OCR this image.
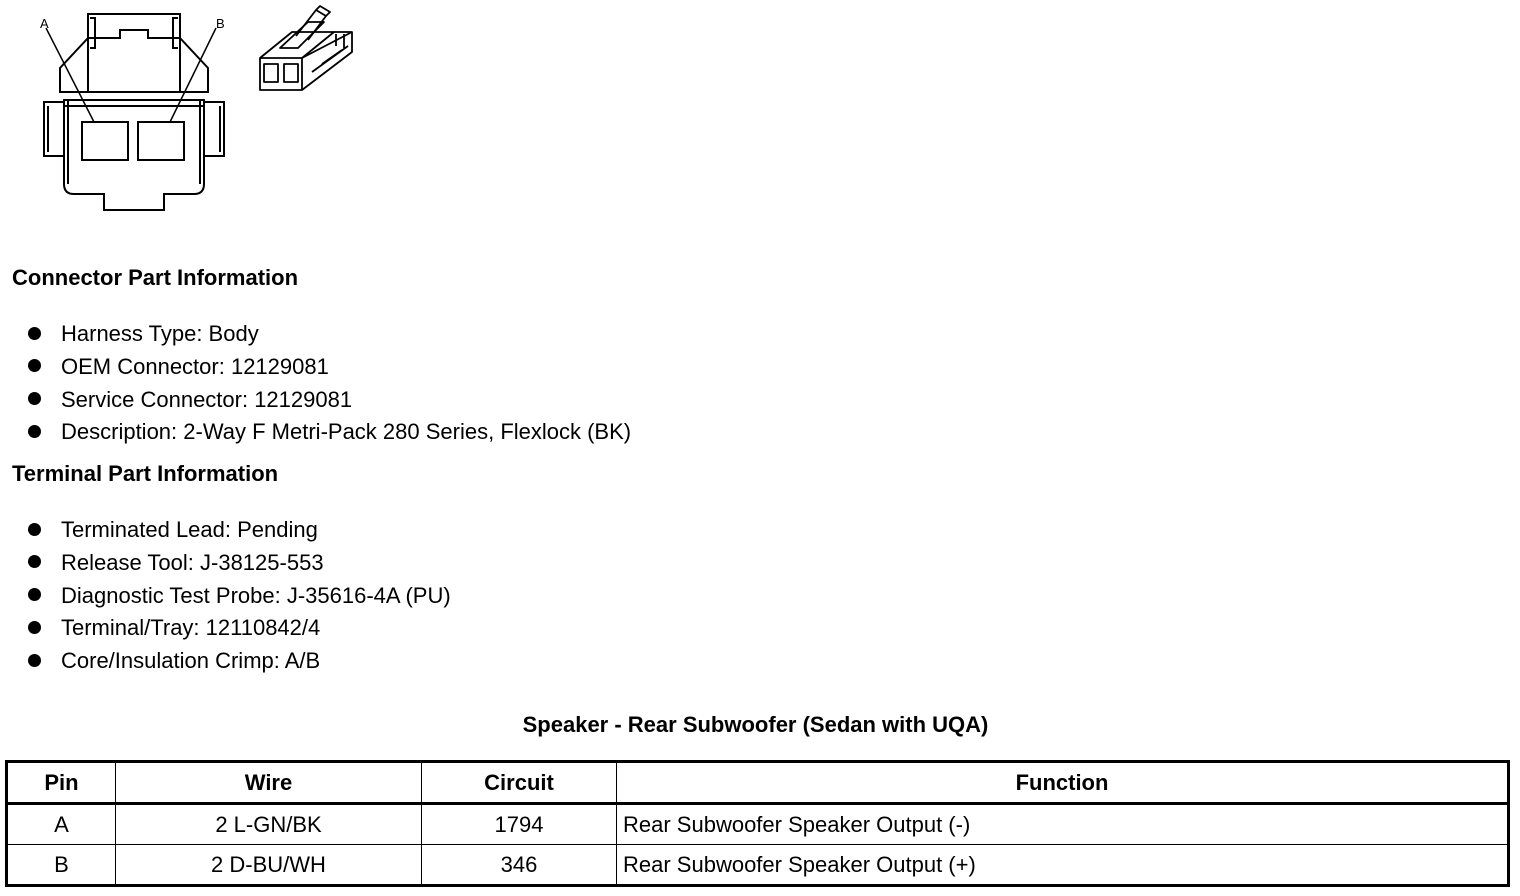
A	B
Connector Part Information
Harness Type: Body
OEM Connector: 12129081
Service Connector: 12129081
Description: 2-Way F Metri-Pack 280 Series, Flexlock (BK)
Terminal Part Information
Terminated Lead: Pending
Release Tool: J-38125-553
Diagnostic Test Probe: J-35616-4A (PU)
Terminal/Tray: 12110842/4
Core/Insulation Crimp: A/B
Speaker - Rear Subwoofer (Sedan with UQA)
Pin	Wire	Circuit	Function
A	2 L-GN/BK	1794	Rear Subwoofer Speaker Output (-)
B	2 D-BU/WH	346	Rear Subwoofer Speaker Output (+)
